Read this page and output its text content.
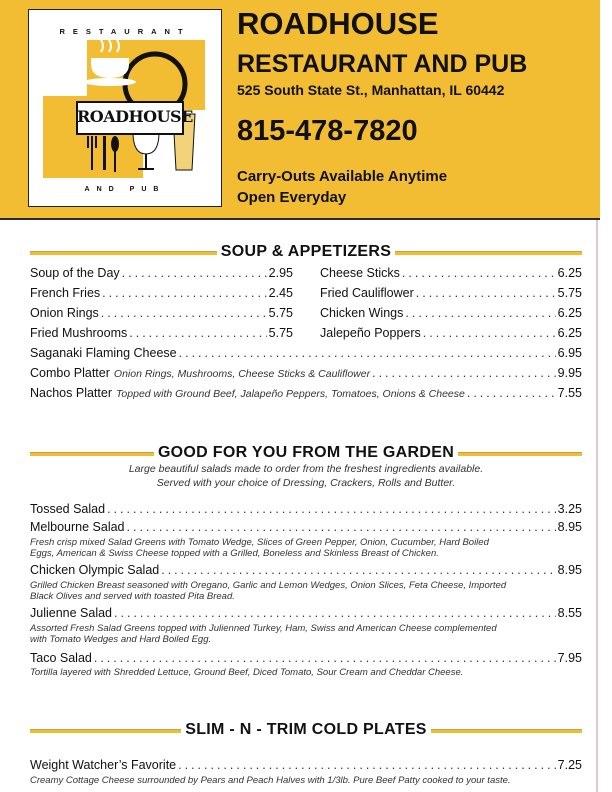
RESTAURANT
ROADHOUSE
AND PUB
ROADHOUSE
RESTAURANT AND PUB
525 South State St., Manhattan, IL 60442
815-478-7820
Carry-Outs Available Anytime
Open Everyday
SOUP & APPETIZERS
Soup of the Day .....	2.95
French Fries .....	2.45
Onion Rings .....	5.75
Fried Mushrooms .....	5.75
Cheese Sticks .....	6.25
Fried Cauliflower .....	5.75
Chicken Wings .....	6.25
Jalepeño Poppers .....	6.25
Saganaki Flaming Cheese .....	6.95
Combo Platter Onion Rings, Mushrooms, Cheese Sticks & Cauliflower .....	9.95
Nachos Platter Topped with Ground Beef, Jalapeño Peppers, Tomatoes, Onions & Cheese .....	7.55
GOOD FOR YOU FROM THE GARDEN
Large beautiful salads made to order from the freshest ingredients available.
Served with your choice of Dressing, Crackers, Rolls and Butter.
Tossed Salad .....	3.25
Melbourne Salad .....	8.95
Fresh crisp mixed Salad Greens with Tomato Wedge, Slices of Green Pepper, Onion, Cucumber, Hard Boiled
Eggs, American & Swiss Cheese topped with a Grilled, Boneless and Skinless Breast of Chicken.
Chicken Olympic Salad .....	8.95
Grilled Chicken Breast seasoned with Oregano, Garlic and Lemon Wedges, Onion Slices, Feta Cheese, Imported
Black Olives and served with toasted Pita Bread.
Julienne Salad .....	8.55
Assorted Fresh Salad Greens topped with Julienned Turkey, Ham, Swiss and American Cheese complemented
with Tomato Wedges and Hard Boiled Egg.
Taco Salad .....	7.95
Tortilla layered with Shredded Lettuce, Ground Beef, Diced Tomato, Sour Cream and Cheddar Cheese.
SLIM - N - TRIM COLD PLATES
Weight Watcher’s Favorite .....	7.25
Creamy Cottage Cheese surrounded by Pears and Peach Halves with 1/3lb. Pure Beef Patty cooked to your taste.
